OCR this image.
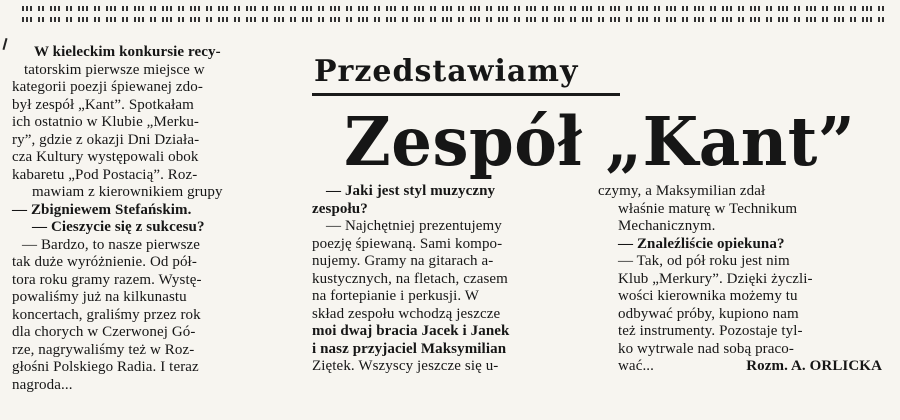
Przedstawiamy
Zespół „Kant”
W kieleckim konkursie recy-
tatorskim pierwsze miejsce w
kategorii poezji śpiewanej zdo-
był zespół „Kant”. Spotkałam
ich ostatnio w Klubie „Merku-
ry”, gdzie z okazji Dni Działa-
cza Kultury występowali obok
kabaretu „Pod Postacią”. Roz-
mawiam z kierownikiem grupy
— Zbigniewem Stefańskim.
— Cieszycie się z sukcesu?
— Bardzo, to nasze pierwsze
tak duże wyróżnienie. Od pół-
tora roku gramy razem. Wystę-
powaliśmy już na kilkunastu
koncertach, graliśmy przez rok
dla chorych w Czerwonej Gó-
rze, nagrywaliśmy też w Roz-
głośni Polskiego Radia. I teraz
nagroda...
— Jaki jest styl muzyczny
zespołu?
— Najchętniej prezentujemy
poezję śpiewaną. Sami kompo-
nujemy. Gramy na gitarach a-
kustycznych, na fletach, czasem
na fortepianie i perkusji. W
skład zespołu wchodzą jeszcze
moi dwaj bracia Jacek i Janek
i nasz przyjaciel Maksymilian
Ziętek. Wszyscy jeszcze się u-
czymy, a Maksymilian zdał
właśnie maturę w Technikum
Mechanicznym.
— Znaleźliście opiekuna?
— Tak, od pół roku jest nim
Klub „Merkury”. Dzięki życzli-
wości kierownika możemy tu
odbywać próby, kupiono nam
też instrumenty. Pozostaje tyl-
ko wytrwale nad sobą praco-
wać...	Rozm. A. ORLICKA
